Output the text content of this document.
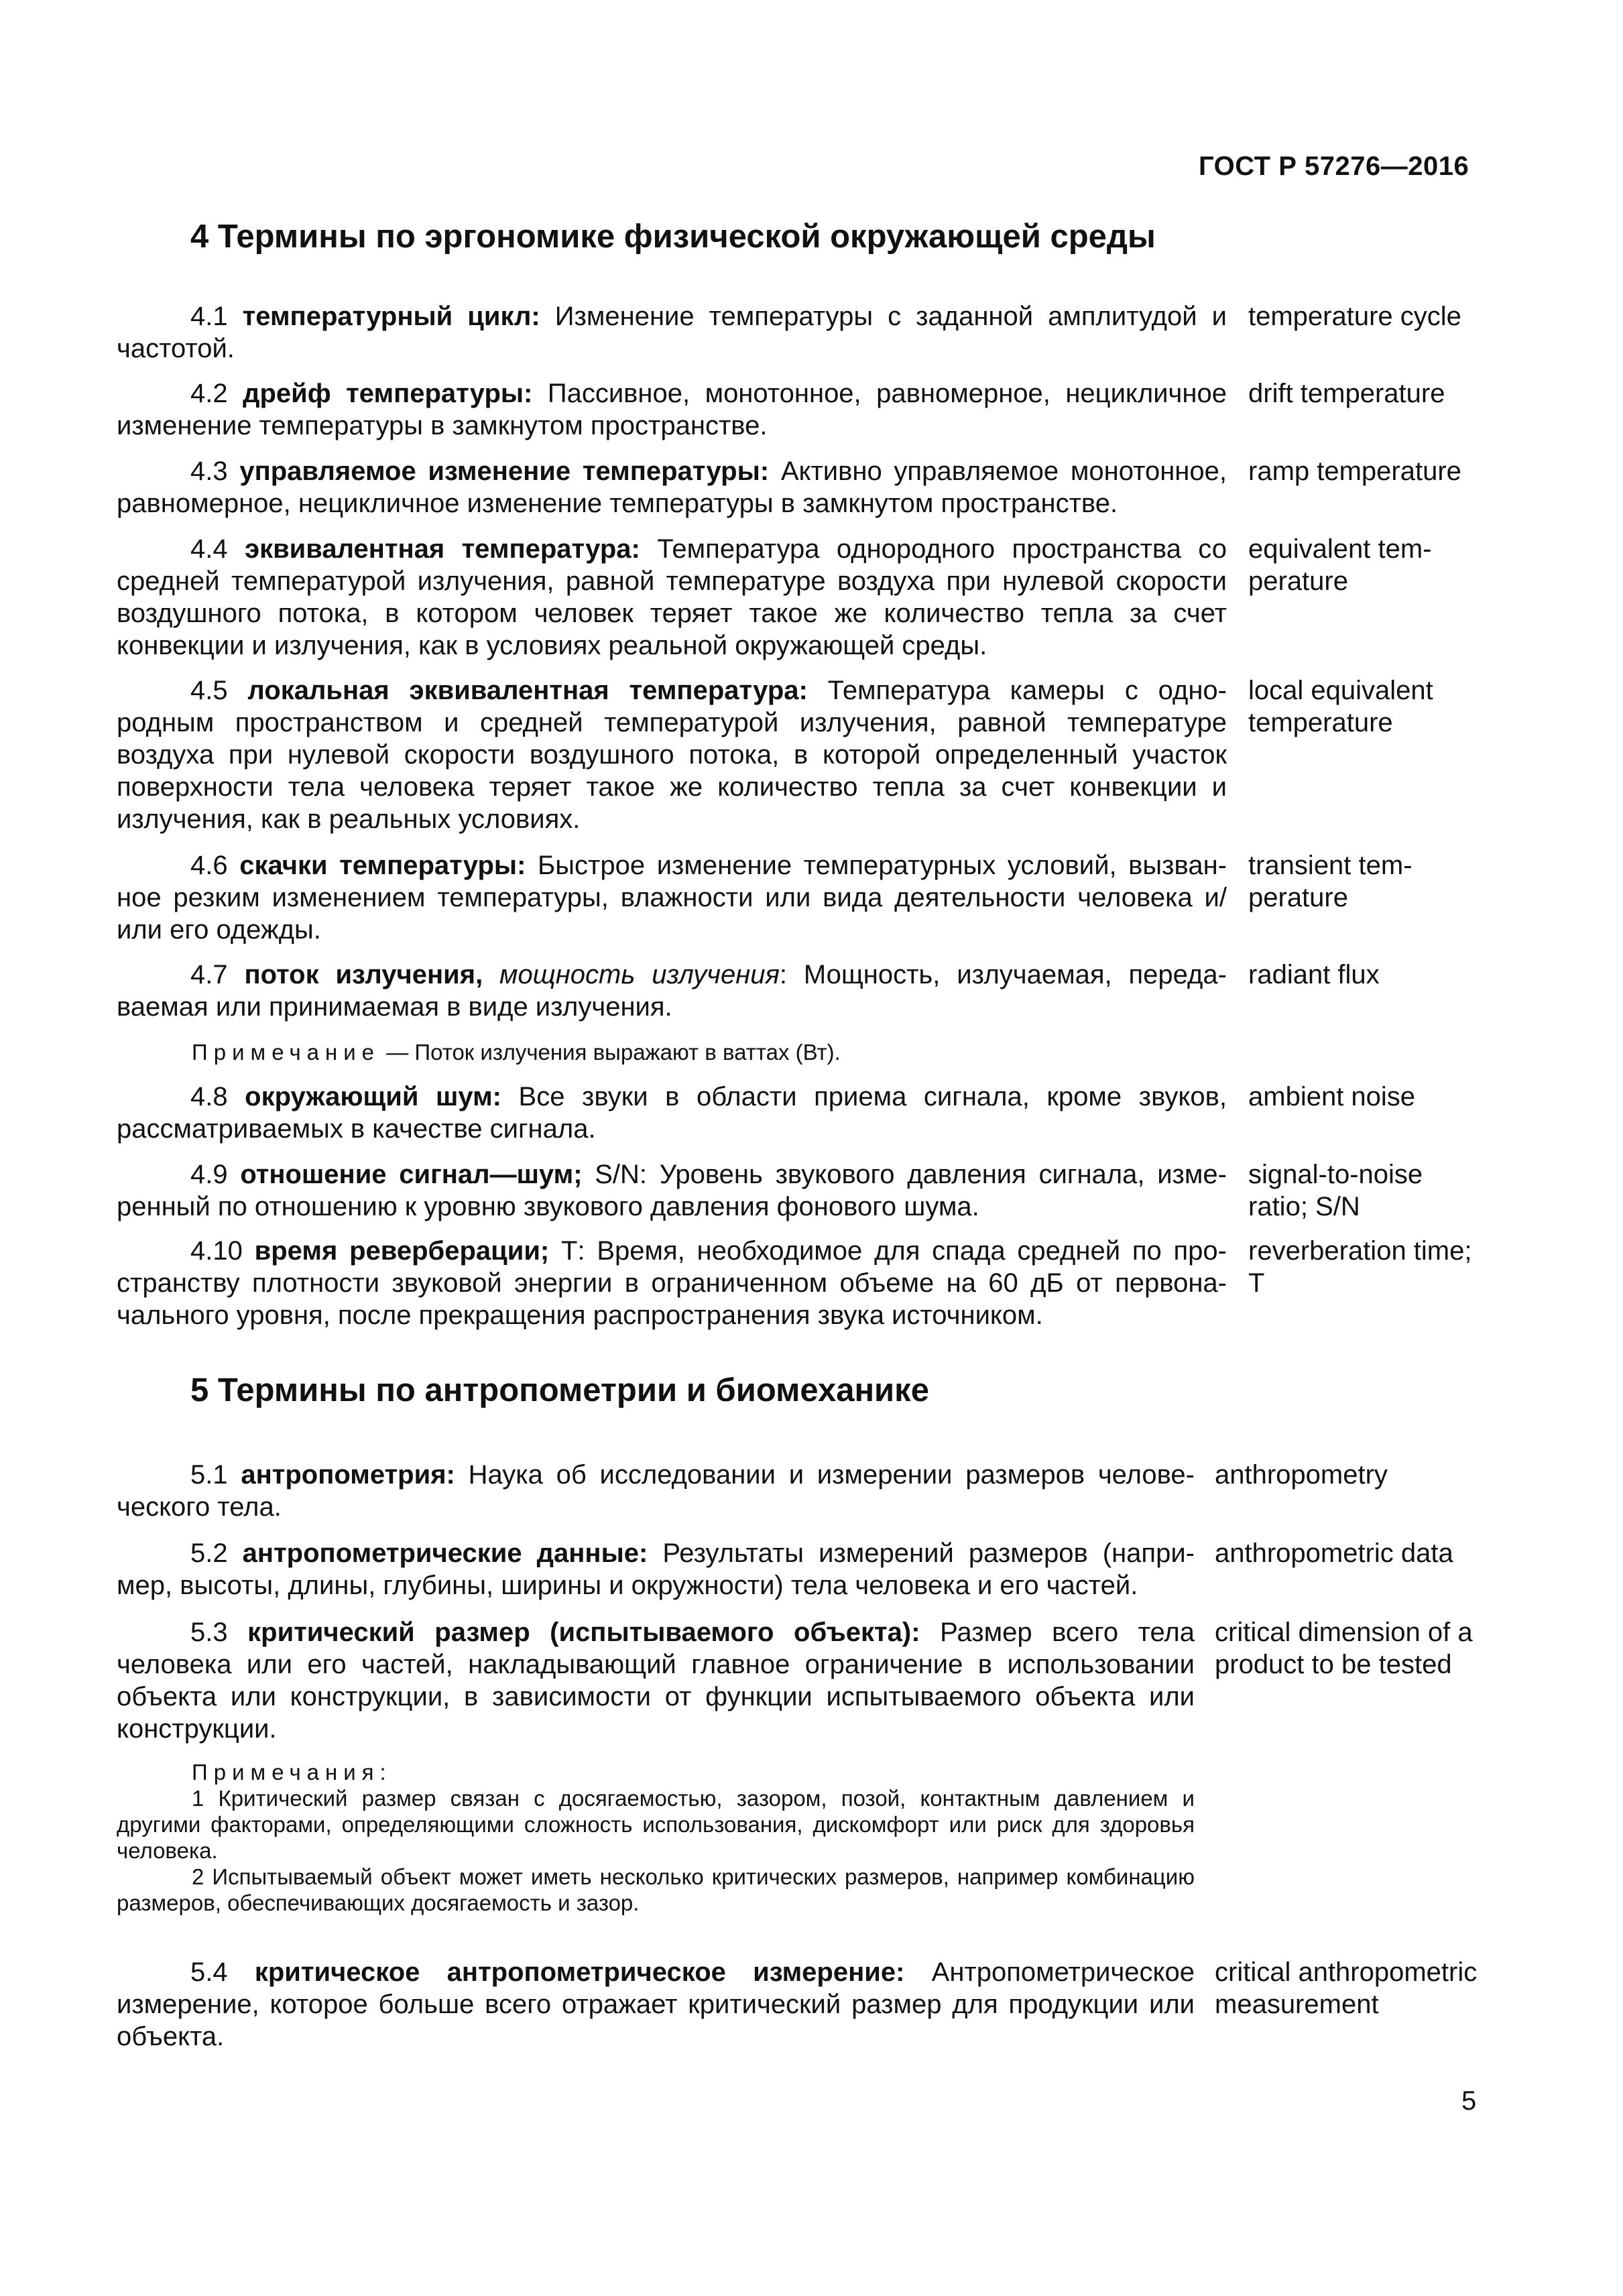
ГОСТ Р 57276—2016
4 Термины по эргономике физической окружающей среды
4.1 температурный цикл: Изменение температуры с заданной амплитудой и частотой.
temperature cycle
4.2 дрейф температуры: Пассивное, монотонное, равномерное, нецикличное изменение температуры в замкнутом пространстве.
drift temperature
4.3 управляемое изменение температуры: Активно управляемое монотонное, равномерное, нецикличное изменение температуры в замкнутом пространстве.
ramp temperature
4.4 эквивалентная температура: Температура однородного пространства со средней температурой излучения, равной температуре воздуха при нулевой скорости воздушного потока, в котором человек теряет такое же количество тепла за счет конвекции и излучения, как в условиях реальной окружающей среды.
equivalent temperature
4.5 локальная эквивалентная температура: Температура камеры с однородным пространством и средней температурой излучения, равной температуре воздуха при нулевой скорости воздушного потока, в которой определенный участок поверхности тела человека теряет такое же количество тепла за счет конвекции и излучения, как в реальных условиях.
local equivalent temperature
4.6 скачки температуры: Быстрое изменение температурных условий, вызванное резким изменением температуры, влажности или вида деятельности человека и/или его одежды.
transient temperature
4.7 поток излучения, мощность излучения: Мощность, излучаемая, передаваемая или принимаемая в виде излучения.
radiant flux
Примечание — Поток излучения выражают в ваттах (Вт).
4.8 окружающий шум: Все звуки в области приема сигнала, кроме звуков, рассматриваемых в качестве сигнала.
ambient noise
4.9 отношение сигнал—шум; S/N: Уровень звукового давления сигнала, измеренный по отношению к уровню звукового давления фонового шума.
signal-to-noise ratio; S/N
4.10 время реверберации; Т: Время, необходимое для спада средней по пространству плотности звуковой энергии в ограниченном объеме на 60 дБ от первоначального уровня, после прекращения распространения звука источником.
reverberation time; T
5 Термины по антропометрии и биомеханике
5.1 антропометрия: Наука об исследовании и измерении размеров человеческого тела.
anthropometry
5.2 антропометрические данные: Результаты измерений размеров (например, высоты, длины, глубины, ширины и окружности) тела человека и его частей.
anthropometric data
5.3 критический размер (испытываемого объекта): Размер всего тела человека или его частей, накладывающий главное ограничение в использовании объекта или конструкции, в зависимости от функции испытываемого объекта или конструкции.
critical dimension of a product to be tested
Примечания:
1 Критический размер связан с досягаемостью, зазором, позой, контактным давлением и другими факторами, определяющими сложность использования, дискомфорт или риск для здоровья человека.
2 Испытываемый объект может иметь несколько критических размеров, например комбинацию размеров, обеспечивающих досягаемость и зазор.
5.4 критическое антропометрическое измерение: Антропометрическое измерение, которое больше всего отражает критический размер для продукции или объекта.
critical anthropometric measurement
5
